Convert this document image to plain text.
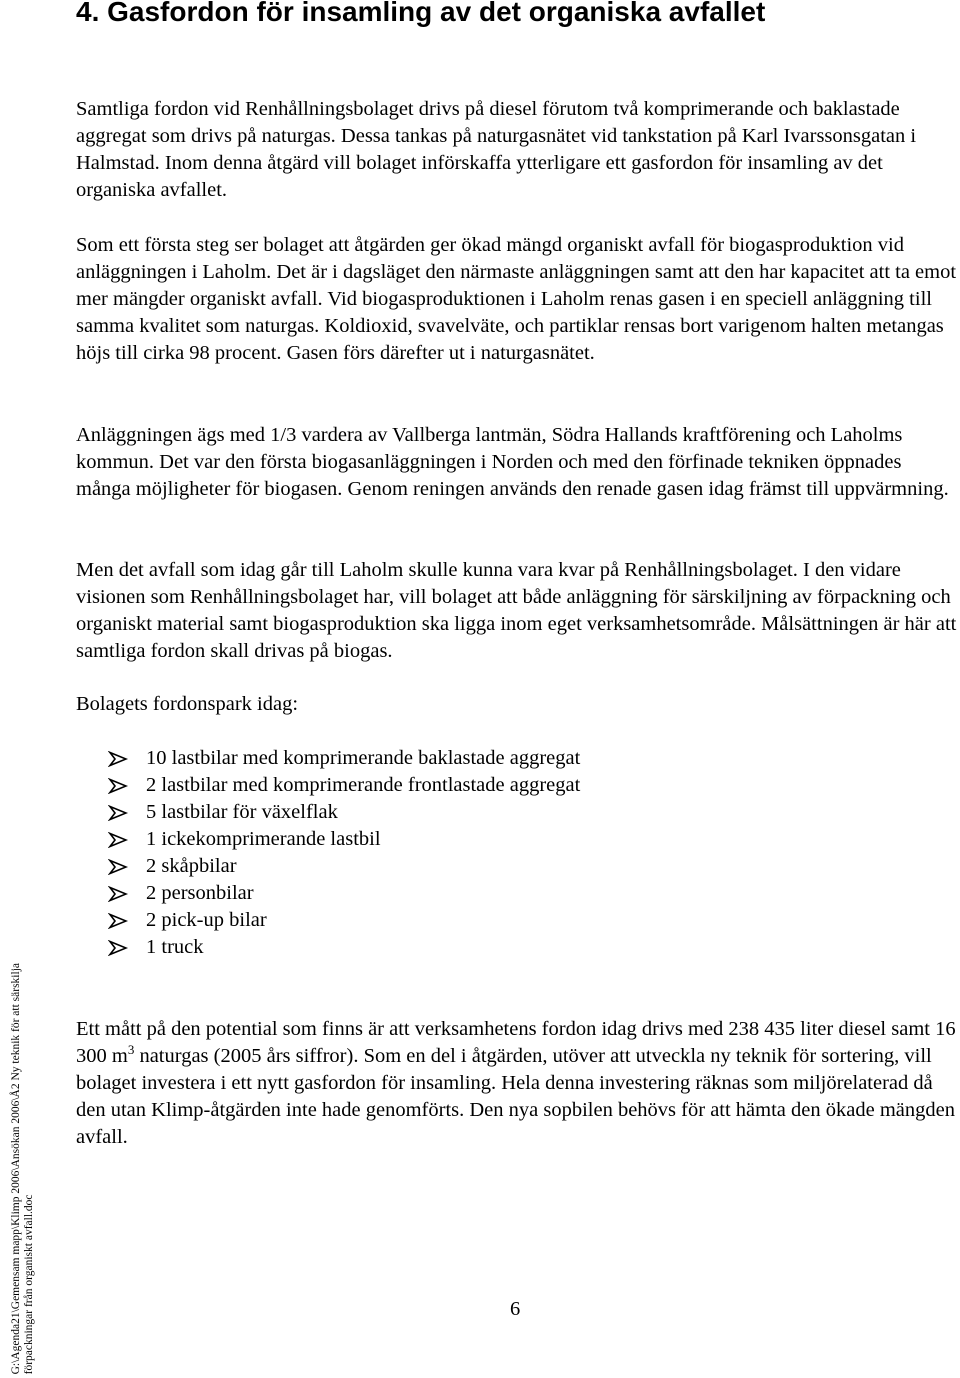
4. Gasfordon för insamling av det organiska avfallet

Samtliga fordon vid Renhållningsbolaget drivs på diesel förutom två komprimerande och baklastade aggregat som drivs på naturgas. Dessa tankas på naturgasnätet vid tankstation på Karl Ivarssonsgatan i Halmstad. Inom denna åtgärd vill bolaget införskaffa ytterligare ett gasfordon för insamling av det organiska avfallet.

Som ett första steg ser bolaget att åtgärden ger ökad mängd organiskt avfall för biogasproduktion vid anläggningen i Laholm. Det är i dagsläget den närmaste anläggningen samt att den har kapacitet att ta emot mer mängder organiskt avfall. Vid biogasproduktionen i Laholm renas gasen i en speciell anläggning till samma kvalitet som naturgas. Koldioxid, svavelväte, och partiklar rensas bort varigenom halten metangas höjs till cirka 98 procent. Gasen förs därefter ut i naturgasnätet.

Anläggningen ägs med 1/3 vardera av Vallberga lantmän, Södra Hallands kraftförening och Laholms kommun. Det var den första biogasanläggningen i Norden och med den förfinade tekniken öppnades många möjligheter för biogasen. Genom reningen används den renade gasen idag främst till uppvärmning.

Men det avfall som idag går till Laholm skulle kunna vara kvar på Renhållningsbolaget. I den vidare visionen som Renhållningsbolaget har, vill bolaget att både anläggning för särskiljning av förpackning och organiskt material samt biogasproduktion ska ligga inom eget verksamhetsområde. Målsättningen är här att samtliga fordon skall drivas på biogas.

Bolagets fordonspark idag:

10 lastbilar med komprimerande baklastade aggregat
2 lastbilar med komprimerande frontlastade aggregat
5 lastbilar för växelflak
1 ickekomprimerande lastbil
2 skåpbilar
2 personbilar
2 pick-up bilar
1 truck

Ett mått på den potential som finns är att verksamhetens fordon idag drivs med 238 435 liter diesel samt 16 300 $m^3$ naturgas (2005 års siffror). Som en del i åtgärden, utöver att utveckla ny teknik för sortering, vill bolaget investera i ett nytt gasfordon för insamling. Hela denna investering räknas som miljörelaterad då den utan Klimp-åtgärden inte hade genomförts. Den nya sopbilen behövs för att hämta den ökade mängden avfall.

6
G:\Agenda21\Gemensam mapp\Klimp 2006\Ansökan 2006\Å2 Ny teknik för att särskilja
förpackningar från organiskt avfall.doc
